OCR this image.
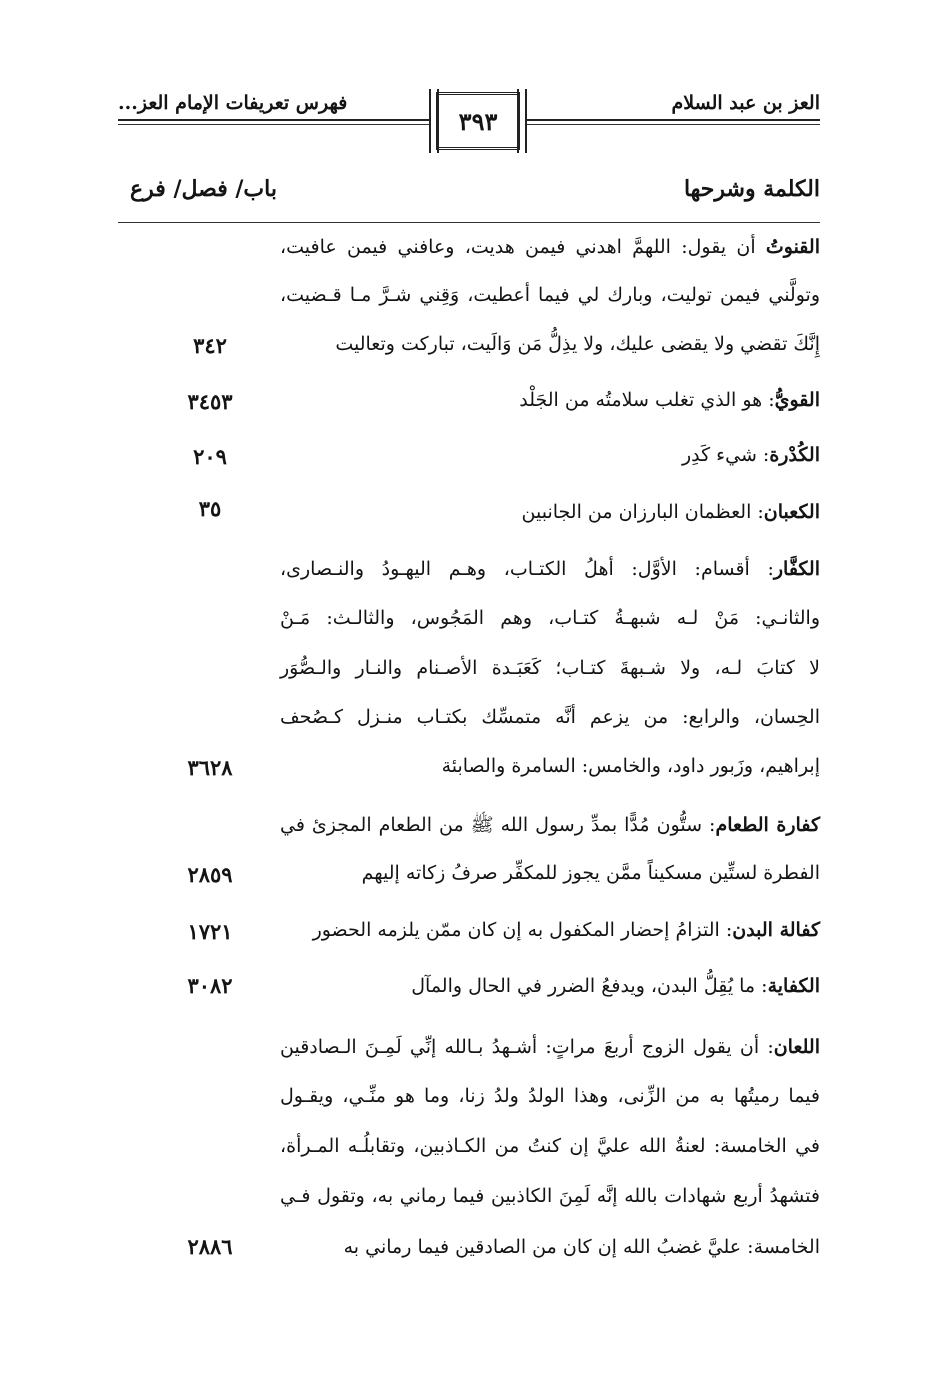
العز بن عبد السلام
فهرس تعريفات الإمام العز...
٣٩٣
الكلمة وشرحها
باب/ فصل/ فرع
القنوتُ أن يقول: اللهمَّ اهدني فيمن هديت، وعافني فيمن عافيت،
وتولَّني فيمن توليت، وبارك لي فيما أعطيت، وَقِني شـرَّ مـا قـضيت،
إِنَّكَ تقضي ولا يقضى عليك، ولا يذِلُّ مَن وَالَيت، تباركت وتعاليت
٣٤٢
القويُّ: هو الذي تغلب سلامتُه من الجَلْد
٣٤٥٣
الكُدْرة: شيء كَدِر
٢٠٩
الكعبان: العظمان البارزان من الجانبين
٣٥
الكفَّار: أقسام: الأوَّل: أهلُ الكتـاب، وهـم اليهـودُ والنـصارى،
والثانـي: مَنْ لـه شبهـةُ كتـاب، وهم المَجُوس، والثالـث: مَـنْ
لا كتابَ لـه، ولا شـبهةَ كتـاب؛ كَعَبَـدة الأصـنام والنـار والـصُّوَر
الحِسان، والرابع: من يزعم أنَّه متمسِّك بكتـاب منـزل كـصُحف
إبراهيم، وزَبور داود، والخامس: السامرة والصابئة
٣٦٢٨
كفارة الطعام: ستُّون مُدًّا بمدِّ رسول الله ﷺ من الطعام المجزئ في
الفطرة لستِّين مسكيناً ممَّن يجوز للمكفِّر صرفُ زكاته إليهم
٢٨٥٩
كفالة البدن: التزامُ إحضار المكفول به إن كان ممّن يلزمه الحضور
١٧٢١
الكفاية: ما يُقِلُّ البدن، ويدفعُ الضرر في الحال والمآل
٣٠٨٢
اللعان: أن يقول الزوج أربعَ مراتٍ: أشـهدُ بـالله إنِّي لَمِـنَ الـصادقين
فيما رميتُها به من الزِّنى، وهذا الولدُ ولدُ زنا، وما هو منِّـي، ويقـول
في الخامسة: لعنةُ الله عليَّ إن كنتُ من الكـاذبين، وتقابلُـه المـرأة،
فتشهدُ أربع شهادات بالله إنَّه لَمِنَ الكاذبين فيما رماني به، وتقول فـي
الخامسة: عليَّ غضبُ الله إن كان من الصادقين فيما رماني به
٢٨٨٦
